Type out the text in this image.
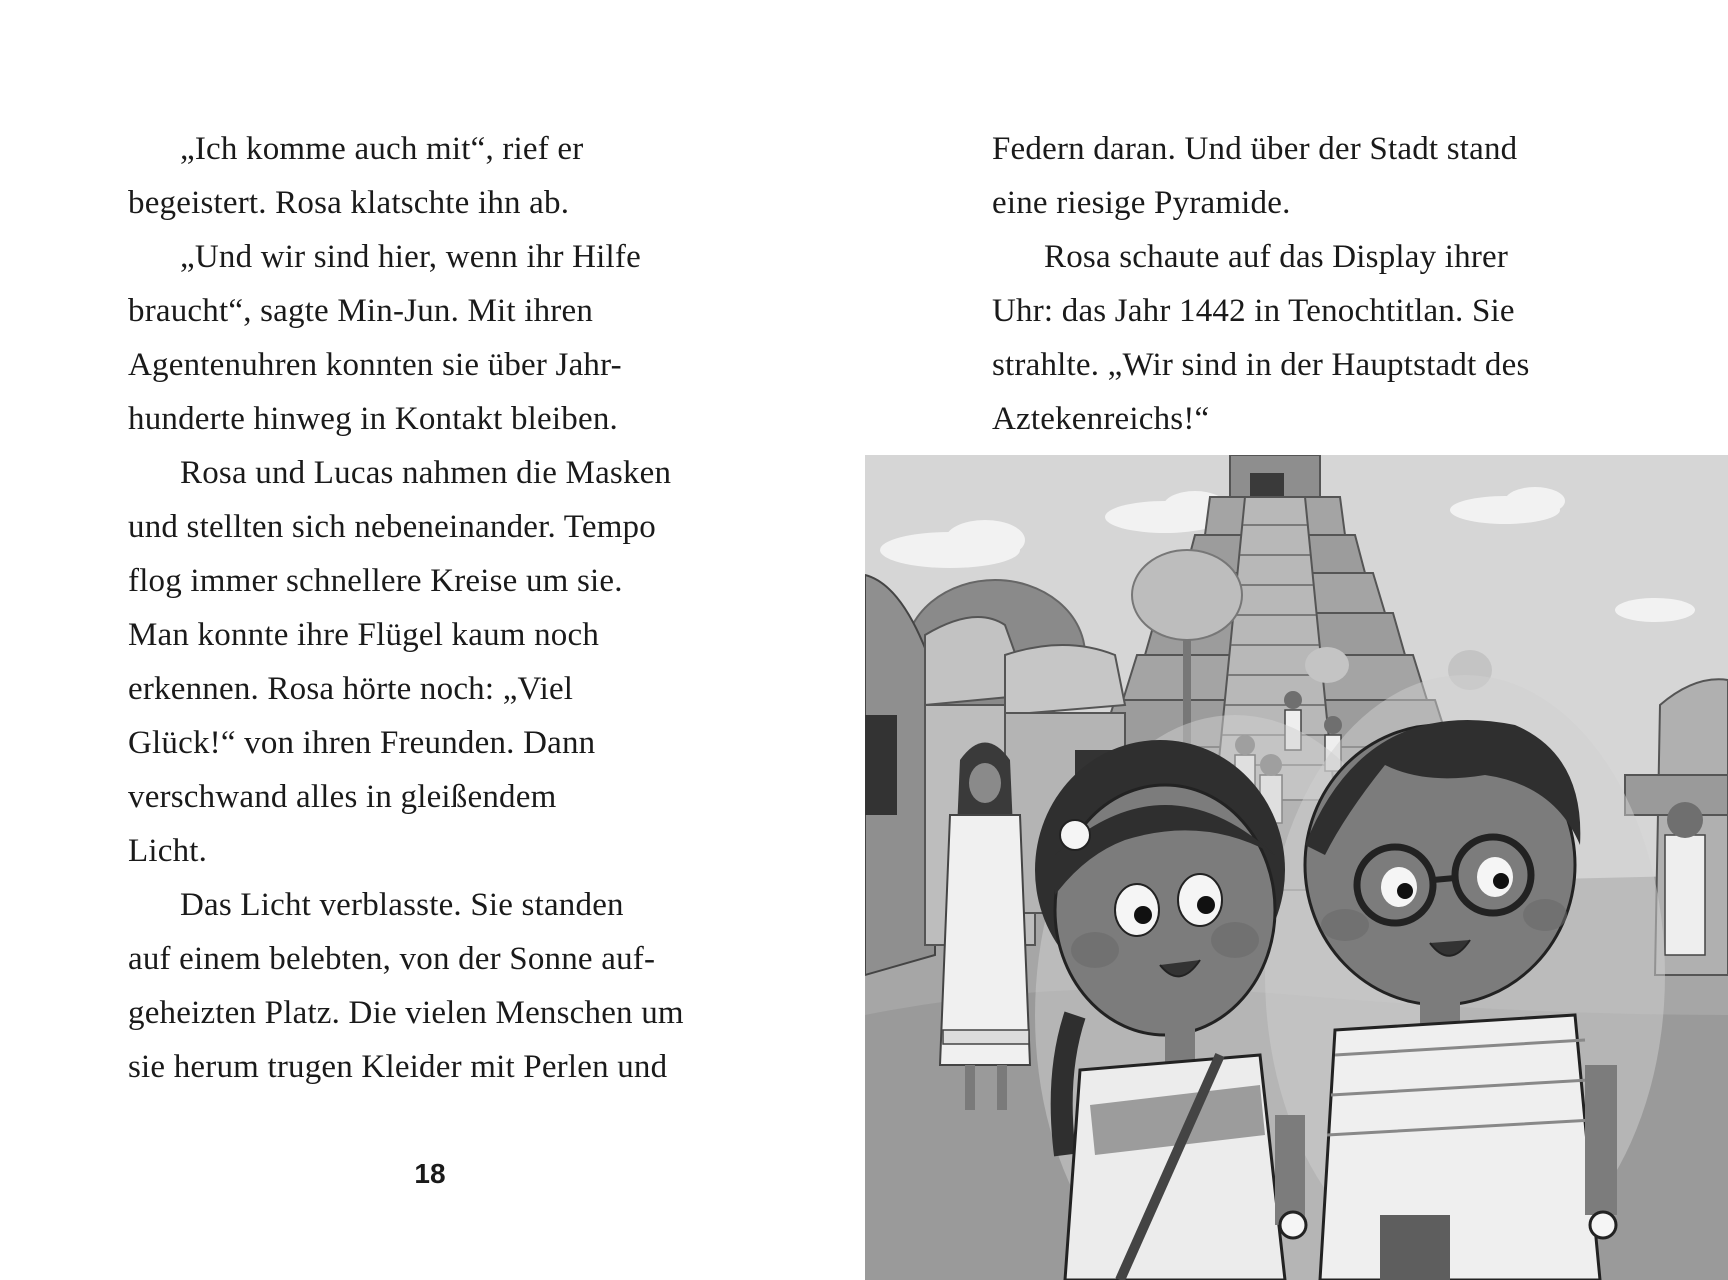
„Ich komme auch mit“, rief er
begeistert. Rosa klatschte ihn ab.
„Und wir sind hier, wenn ihr Hilfe
braucht“, sagte Min-Jun. Mit ihren
Agentenuhren konnten sie über Jahr-
hunderte hinweg in Kontakt bleiben.
Rosa und Lucas nahmen die Masken
und stellten sich nebeneinander. Tempo
flog immer schnellere Kreise um sie.
Man konnte ihre Flügel kaum noch
erkennen. Rosa hörte noch: „Viel
Glück!“ von ihren Freunden. Dann
verschwand alles in gleißendem
Licht.
Das Licht verblasste. Sie standen
auf einem belebten, von der Sonne auf-
geheizten Platz. Die vielen Menschen um
sie herum trugen Kleider mit Perlen und
18
Federn daran. Und über der Stadt stand
eine riesige Pyramide.
Rosa schaute auf das Display ihrer
Uhr: das Jahr 1442 in Tenochtitlan. Sie
strahlte. „Wir sind in der Hauptstadt des
Aztekenreichs!“
